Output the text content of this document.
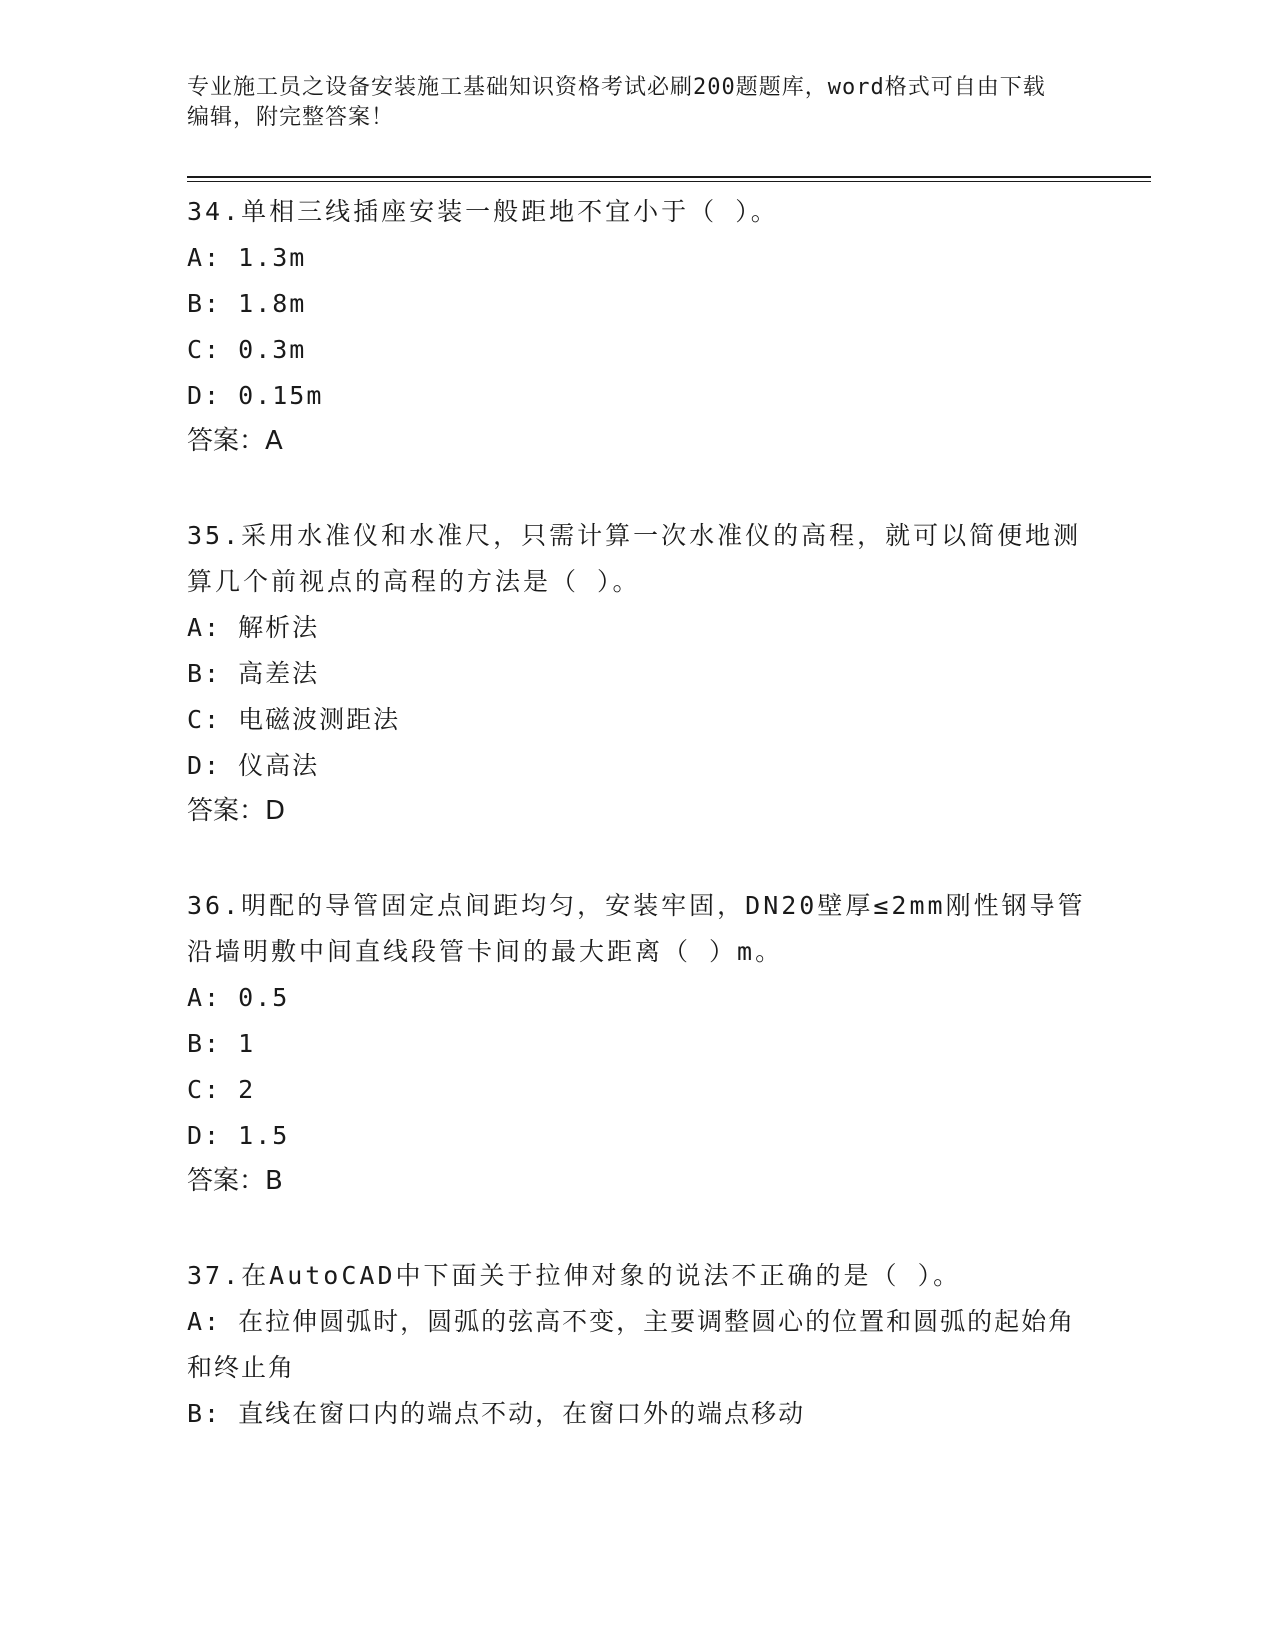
专业施工员之设备安装施工基础知识资格考试必刷200题题库，word格式可自由下载编辑，附完整答案！
34.单相三线插座安装一般距地不宜小于（ ）。
A: 1.3m
B: 1.8m
C: 0.3m
D: 0.15m
答案：A
35.采用水准仪和水准尺，只需计算一次水准仪的高程，就可以简便地测算几个前视点的高程的方法是（ ）。
A: 解析法
B: 高差法
C: 电磁波测距法
D: 仪高法
答案：D
36.明配的导管固定点间距均匀，安装牢固，DN20壁厚≤2mm刚性钢导管沿墙明敷中间直线段管卡间的最大距离（ ）m。
A: 0.5
B: 1
C: 2
D: 1.5
答案：B
37.在AutoCAD中下面关于拉伸对象的说法不正确的是（ ）。
A: 在拉伸圆弧时，圆弧的弦高不变，主要调整圆心的位置和圆弧的起始角和终止角
B: 直线在窗口内的端点不动，在窗口外的端点移动
